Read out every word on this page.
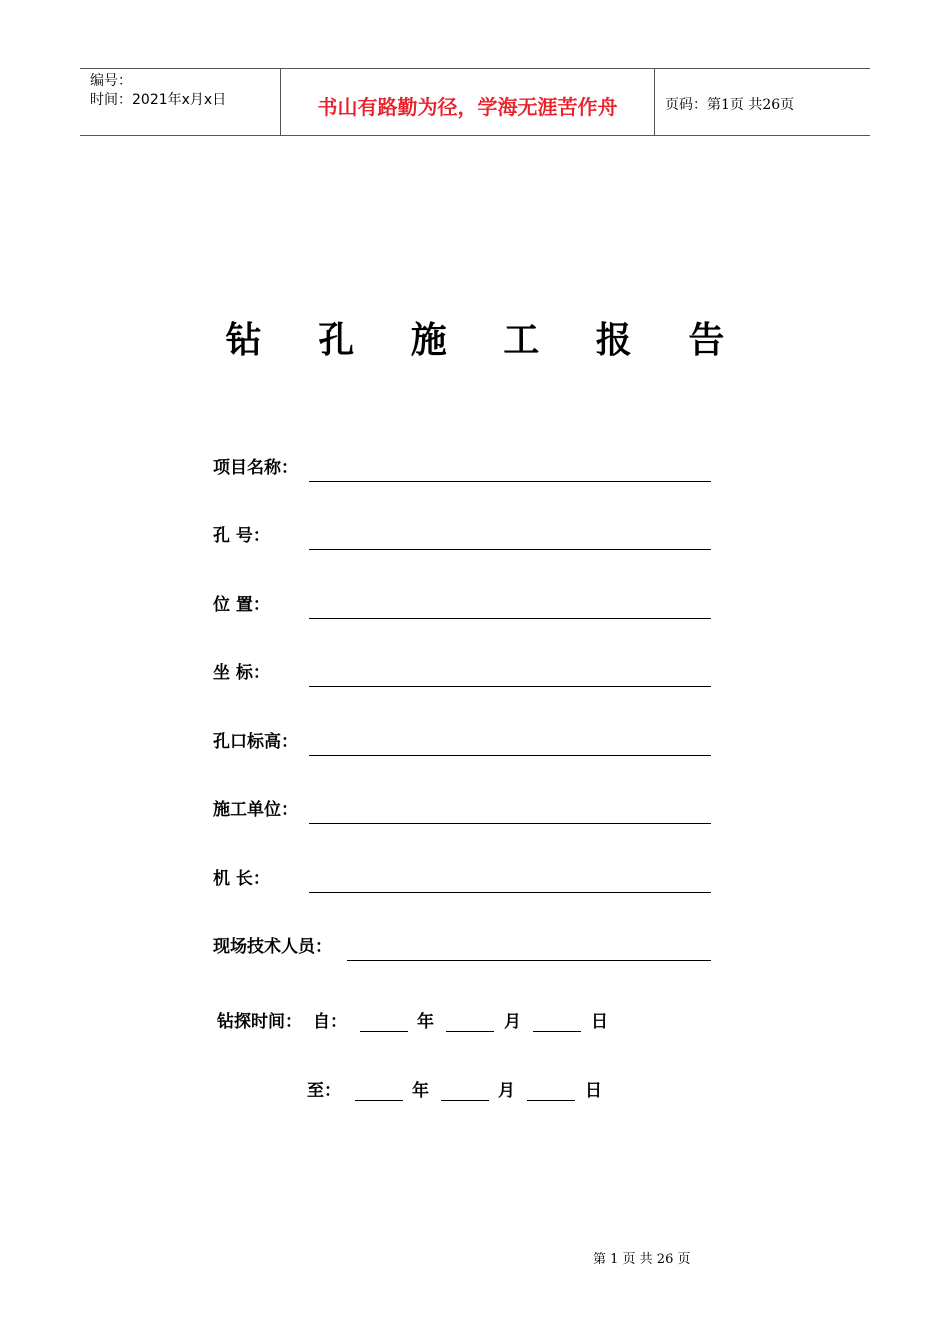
编号：
时间：2021年x月x日	书山有路勤为径，学海无涯苦作舟	页码：第1页 共26页
钻 孔 施 工 报 告
项目名称：
孔 号：
位 置：
坐 标：
孔口标高：
施工单位：
机 长：
现场技术人员：
钻探时间： 自：	年	月	日
至：	年	月	日
第 1 页 共 26 页
